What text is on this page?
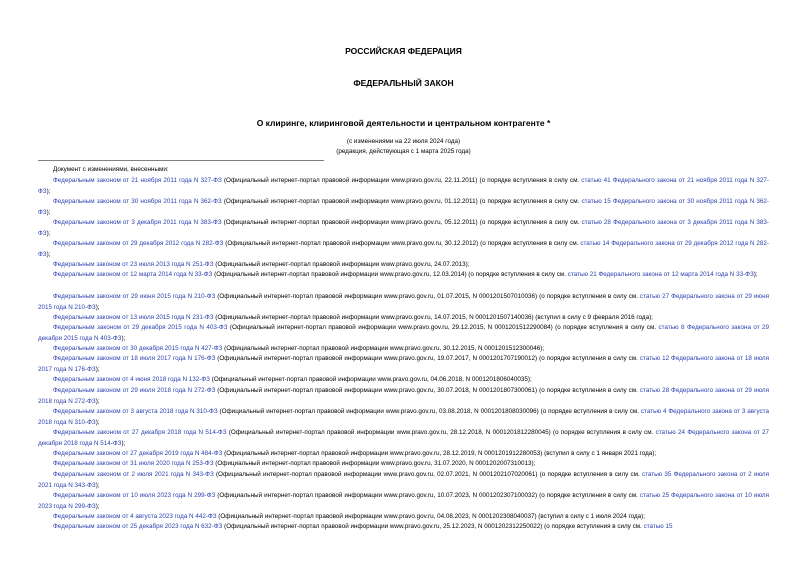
РОССИЙСКАЯ ФЕДЕРАЦИЯ
ФЕДЕРАЛЬНЫЙ ЗАКОН
О клиринге, клиринговой деятельности и центральном контрагенте *
(с изменениями на 22 июля 2024 года)
(редакция, действующая с 1 марта 2025 года)
Документ с изменениями, внесенными:
Федеральным законом от 21 ноября 2011 года N 327-ФЗ (Официальный интернет-портал правовой информации www.pravo.gov.ru, 22.11.2011) (о порядке вступления в силу см. статью 41 Федерального закона от 21 ноября 2011 года N 327-ФЗ);
Федеральным законом от 30 ноября 2011 года N 362-ФЗ (Официальный интернет-портал правовой информации www.pravo.gov.ru, 01.12.2011) (о порядке вступления в силу см. статью 15 Федерального закона от 30 ноября 2011 года N 362-ФЗ);
Федеральным законом от 3 декабря 2011 года N 383-ФЗ (Официальный интернет-портал правовой информации www.pravo.gov.ru, 05.12.2011) (о порядке вступления в силу см. статью 28 Федерального закона от 3 декабря 2011 года N 383-ФЗ);
Федеральным законом от 29 декабря 2012 года N 282-ФЗ (Официальный интернет-портал правовой информации www.pravo.gov.ru, 30.12.2012) (о порядке вступления в силу см. статью 14 Федерального закона от 29 декабря 2012 года N 282-ФЗ);
Федеральным законом от 23 июля 2013 года N 251-ФЗ (Официальный интернет-портал правовой информации www.pravo.gov.ru, 24.07.2013);
Федеральным законом от 12 марта 2014 года N 33-ФЗ (Официальный интернет-портал правовой информации www.pravo.gov.ru, 12.03.2014) (о порядке вступления в силу см. статью 21 Федерального закона от 12 марта 2014 года N 33-ФЗ);
Федеральным законом от 29 июня 2015 года N 210-ФЗ (Официальный интернет-портал правовой информации www.pravo.gov.ru, 01.07.2015, N 0001201507010036) (о порядке вступления в силу см. статью 27 Федерального закона от 29 июня 2015 года N 210-ФЗ);
Федеральным законом от 13 июля 2015 года N 231-ФЗ (Официальный интернет-портал правовой информации www.pravo.gov.ru, 14.07.2015, N 0001201507140036) (вступил в силу с 9 февраля 2016 года);
Федеральным законом от 29 декабря 2015 года N 403-ФЗ (Официальный интернет-портал правовой информации www.pravo.gov.ru, 29.12.2015, N 0001201512290084) (о порядке вступления в силу см. статью 8 Федерального закона от 29 декабря 2015 года N 403-ФЗ);
Федеральным законом от 30 декабря 2015 года N 427-ФЗ (Официальный интернет-портал правовой информации www.pravo.gov.ru, 30.12.2015, N 0001201512300046);
Федеральным законом от 18 июля 2017 года N 176-ФЗ (Официальный интернет-портал правовой информации www.pravo.gov.ru, 19.07.2017, N 0001201707190012) (о порядке вступления в силу см. статью 12 Федерального закона от 18 июля 2017 года N 176-ФЗ);
Федеральным законом от 4 июня 2018 года N 132-ФЗ (Официальный интернет-портал правовой информации www.pravo.gov.ru, 04.06.2018, N 0001201806040035);
Федеральным законом от 29 июля 2018 года N 272-ФЗ (Официальный интернет-портал правовой информации www.pravo.gov.ru, 30.07.2018, N 0001201807300061) (о порядке вступления в силу см. статью 28 Федерального закона от 29 июля 2018 года N 272-ФЗ);
Федеральным законом от 3 августа 2018 года N 310-ФЗ (Официальный интернет-портал правовой информации www.pravo.gov.ru, 03.08.2018, N 0001201808030096) (о порядке вступления в силу см. статью 4 Федерального закона от 3 августа 2018 года N 310-ФЗ);
Федеральным законом от 27 декабря 2018 года N 514-ФЗ (Официальный интернет-портал правовой информации www.pravo.gov.ru, 28.12.2018, N 0001201812280045) (о порядке вступления в силу см. статью 24 Федерального закона от 27 декабря 2018 года N 514-ФЗ);
Федеральным законом от 27 декабря 2019 года N 484-ФЗ (Официальный интернет-портал правовой информации www.pravo.gov.ru, 28.12.2019, N 0001201912280053) (вступил в силу с 1 января 2021 года);
Федеральным законом от 31 июля 2020 года N 253-ФЗ (Официальный интернет-портал правовой информации www.pravo.gov.ru, 31.07.2020, N 0001202007310013);
Федеральным законом от 2 июля 2021 года N 343-ФЗ (Официальный интернет-портал правовой информации www.pravo.gov.ru, 02.07.2021, N 0001202107020061) (о порядке вступления в силу см. статью 35 Федерального закона от 2 июля 2021 года N 343-ФЗ);
Федеральным законом от 10 июля 2023 года N 299-ФЗ (Официальный интернет-портал правовой информации www.pravo.gov.ru, 10.07.2023, N 0001202307100032) (о порядке вступления в силу см. статью 25 Федерального закона от 10 июля 2023 года N 299-ФЗ);
Федеральным законом от 4 августа 2023 года N 442-ФЗ (Официальный интернет-портал правовой информации www.pravo.gov.ru, 04.08.2023, N 0001202308040037) (вступил в силу с 1 июля 2024 года);
Федеральным законом от 25 декабря 2023 года N 632-ФЗ (Официальный интернет-портал правовой информации www.pravo.gov.ru, 25.12.2023, N 0001202312250022) (о порядке вступления в силу см. статью 15
